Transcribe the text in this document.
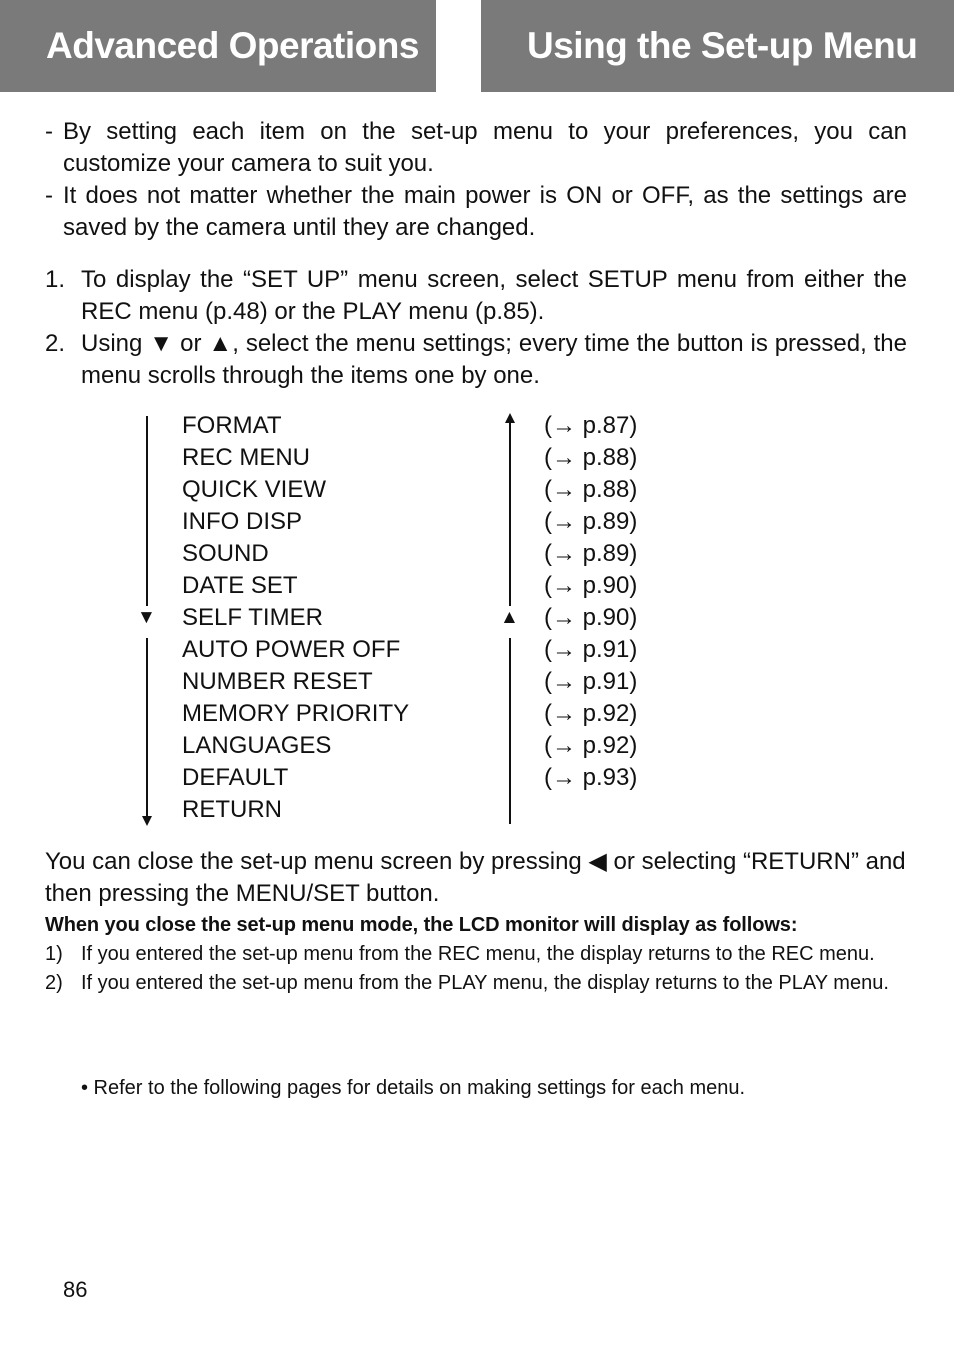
Advanced Operations	Using the Set-up Menu
- By setting each item on the set-up menu to your preferences, you can customize your camera to suit you.
- It does not matter whether the main power is ON or OFF, as the settings are saved by the camera until they are changed.
1. To display the “SET UP” menu screen, select SETUP menu from either the REC menu (p.48) or the PLAY menu (p.85).
2. Using ▼ or ▲, select the menu settings; every time the button is pressed, the menu scrolls through the items one by one.
▼	▲
FORMAT
REC MENU
QUICK VIEW
INFO DISP
SOUND
DATE SET
SELF TIMER
AUTO POWER OFF
NUMBER RESET
MEMORY PRIORITY
LANGUAGES
DEFAULT
RETURN
(→ p.87)
(→ p.88)
(→ p.88)
(→ p.89)
(→ p.89)
(→ p.90)
(→ p.90)
(→ p.91)
(→ p.91)
(→ p.92)
(→ p.92)
(→ p.93)
You can close the set-up menu screen by pressing ◀ or selecting “RETURN” and then pressing the MENU/SET button.
When you close the set-up menu mode, the LCD monitor will display as follows:
1) If you entered the set-up menu from the REC menu, the display returns to the REC menu.
2) If you entered the set-up menu from the PLAY menu, the display returns to the PLAY menu.
• Refer to the following pages for details on making settings for each menu.
86
